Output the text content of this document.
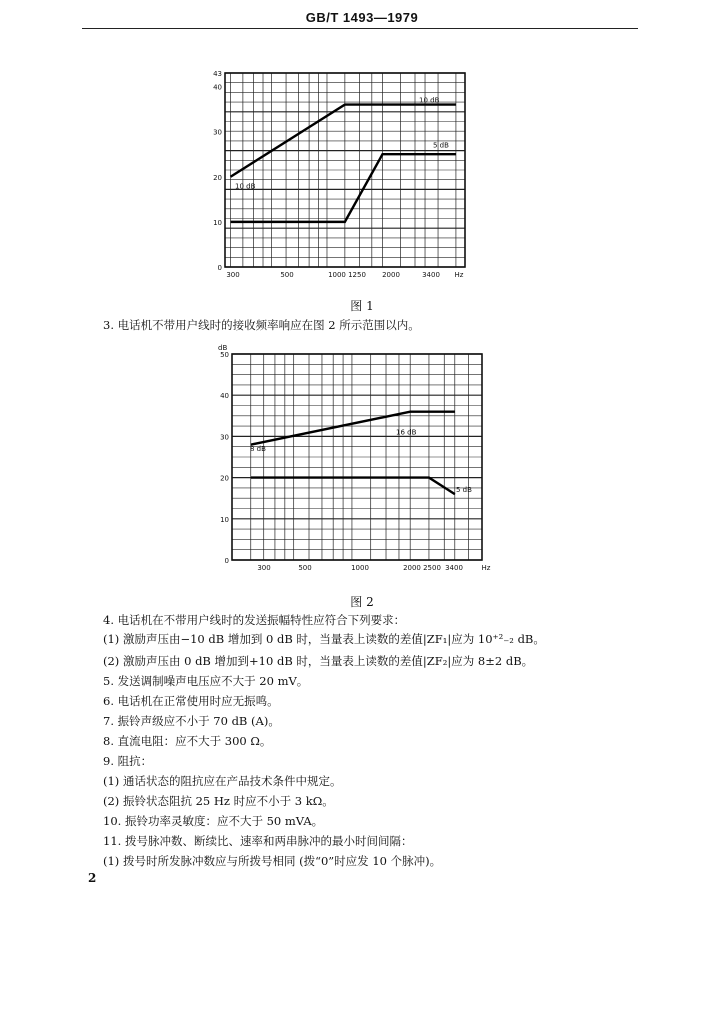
GB/T 1493—1979
0
10
20
30
40
43
300	500	1000 1250 2000	3400 Hz
10 dB
10 dB
5 dB
图 1
3. 电话机不带用户线时的接收频率响应在图 2 所示范围以内。
0
10
20
30
40
50
300	500	1000	2000 2500 3400	Hz
dB
8 dB
16 dB
5 dB
图 2
4. 电话机在不带用户线时的发送振幅特性应符合下列要求：
(1) 激励声压由−10 dB 增加到 0 dB 时，当量表上读数的差值|ZF₁|应为 10⁺²₋₂ dB。
(2) 激励声压由 0 dB 增加到+10 dB 时，当量表上读数的差值|ZF₂|应为 8±2 dB。
5. 发送调制噪声电压应不大于 20 mV。
6. 电话机在正常使用时应无振鸣。
7. 振铃声级应不小于 70 dB (A)。
8. 直流电阻：应不大于 300 Ω。
9. 阻抗：
(1) 通话状态的阻抗应在产品技术条件中规定。
(2) 振铃状态阻抗 25 Hz 时应不小于 3 kΩ。
10. 振铃功率灵敏度：应不大于 50 mVA。
11. 拨号脉冲数、断续比、速率和两串脉冲的最小时间间隔：
(1) 拨号时所发脉冲数应与所拨号相同 (拨“0”时应发 10 个脉冲)。
2
